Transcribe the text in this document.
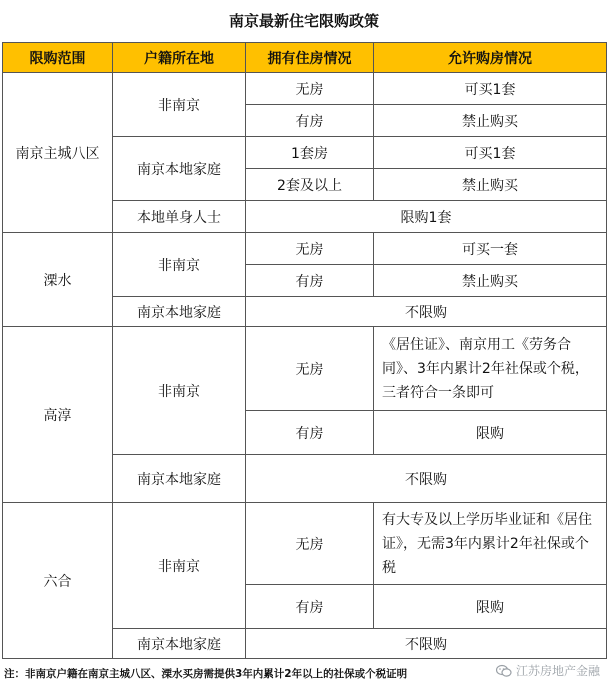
南京最新住宅限购政策
限购范围	户籍所在地	拥有住房情况	允许购房情况
南京主城八区	非南京	无房	可买1套
		有房	禁止购买
	南京本地家庭	1套房	可买1套
		2套及以上	禁止购买
	本地单身人士	限购1套	
溧水	非南京	无房	可买一套
		有房	禁止购买
	南京本地家庭	不限购	
高淳	非南京	无房	《居住证》、南京用工《劳务合同》、3年内累计2年社保或个税，三者符合一条即可
		有房	限购
	南京本地家庭	不限购	
六合	非南京	无房	有大专及以上学历毕业证和《居住证》，无需3年内累计2年社保或个税
		有房	限购
	南京本地家庭	不限购	
注：非南京户籍在南京主城八区、溧水买房需提供3年内累计2年以上的社保或个税证明	江苏房地产金融
